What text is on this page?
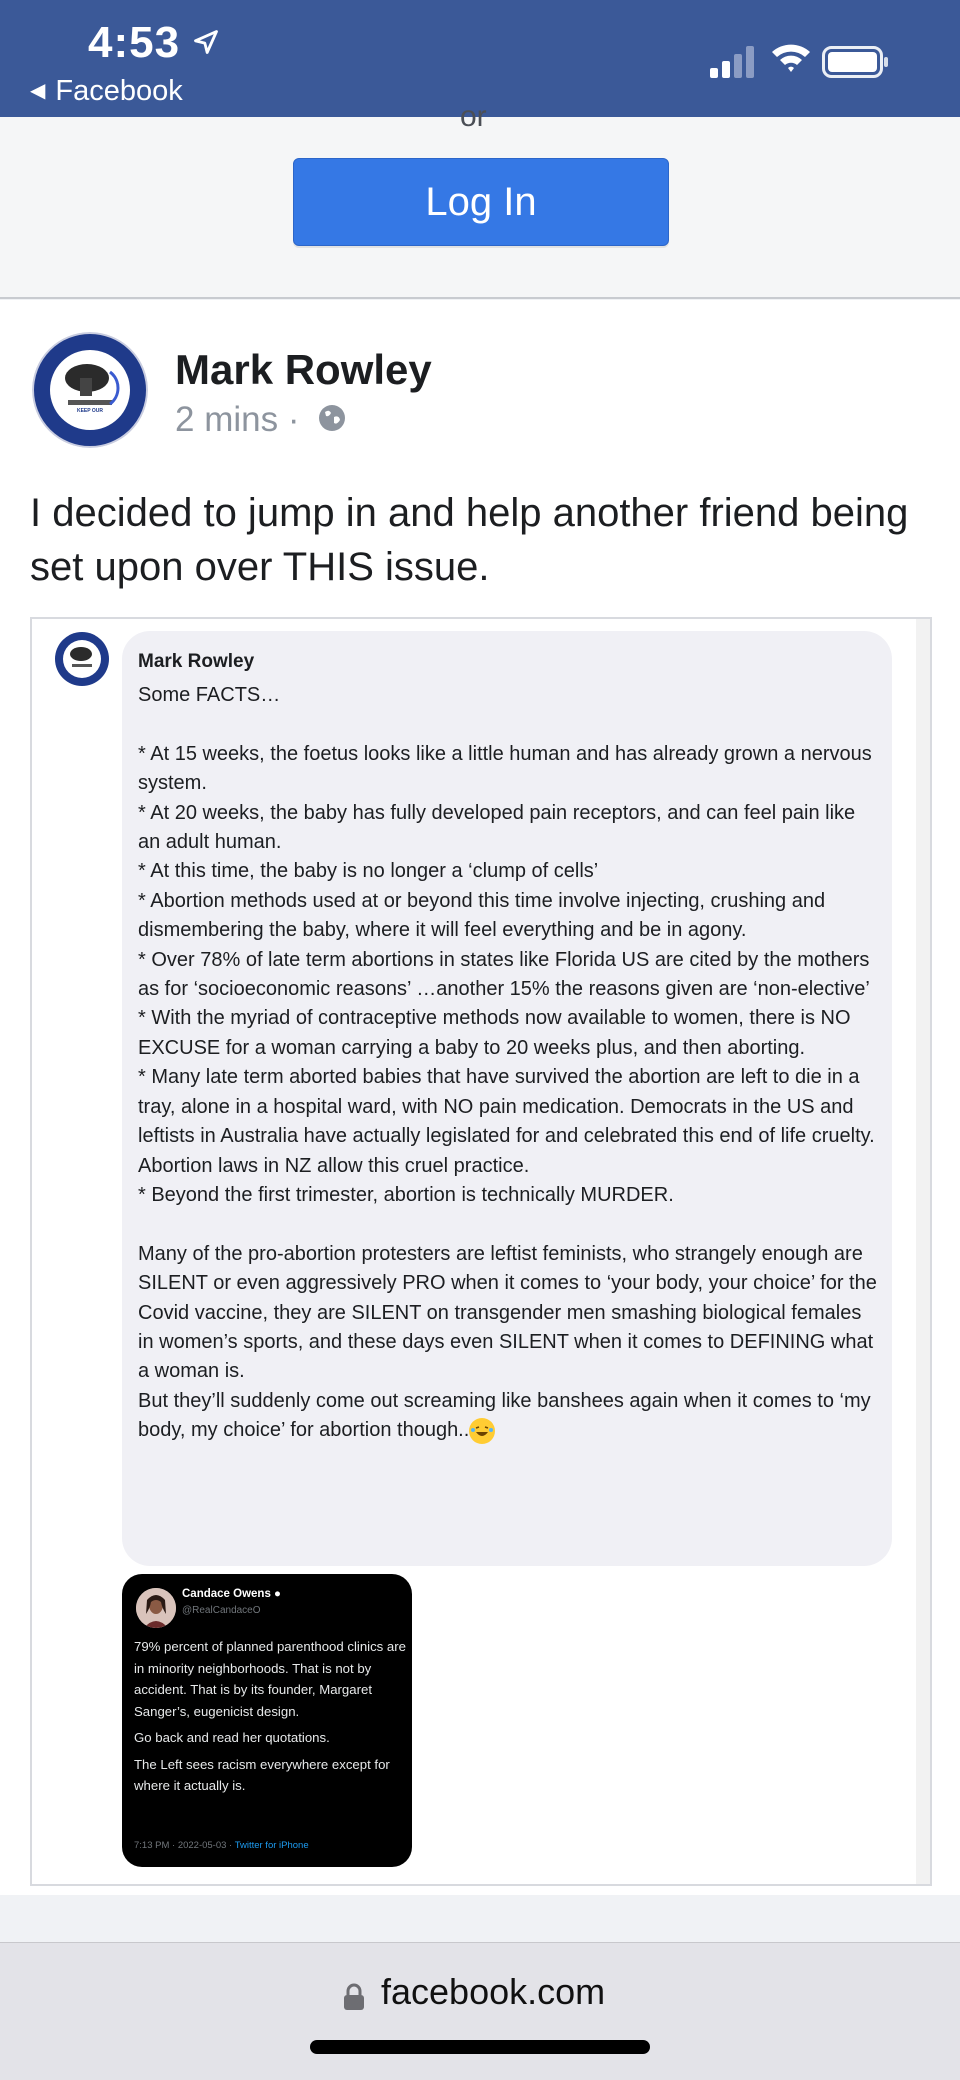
4:53
◀ Facebook
or
Log In
KEEP OUR
Mark Rowley
2 mins ·
I decided to jump in and help another friend being set upon over THIS issue.
Mark Rowley
Some FACTS…

* At 15 weeks, the foetus looks like a little human and has already grown a nervous system.
* At 20 weeks, the baby has fully developed pain receptors, and can feel pain like an adult human.
* At this time, the baby is no longer a ‘clump of cells’
* Abortion methods used at or beyond this time involve injecting, crushing and dismembering the baby, where it will feel everything and be in agony.
* Over 78% of late term abortions in states like Florida US are cited by the mothers as for ‘socioeconomic reasons’ …another 15% the reasons given are ‘non-elective’
* With the myriad of contraceptive methods now available to women, there is NO EXCUSE for a woman carrying a baby to 20 weeks plus, and then aborting.
* Many late term aborted babies that have survived the abortion are left to die in a tray, alone in a hospital ward, with NO pain medication. Democrats in the US and leftists in Australia have actually legislated for and celebrated this end of life cruelty. Abortion laws in NZ allow this cruel practice.
* Beyond the first trimester, abortion is technically MURDER.

Many of the pro-abortion protesters are leftist feminists, who strangely enough are SILENT or even aggressively PRO when it comes to ‘your body, your choice’ for the Covid vaccine, they are SILENT on transgender men smashing biological females in women’s sports, and these days even SILENT when it comes to DEFINING what a woman is.
But they’ll suddenly come out screaming like banshees again when it comes to ‘my body, my choice’ for abortion though..
Candace Owens ●
@RealCandaceO

79% percent of planned parenthood clinics are in minority neighborhoods. That is not by accident. That is by its founder, Margaret Sanger’s, eugenicist design.

Go back and read her quotations.

The Left sees racism everywhere except for where it actually is.

7:13 PM · 2022-05-03 · Twitter for iPhone
facebook.com
